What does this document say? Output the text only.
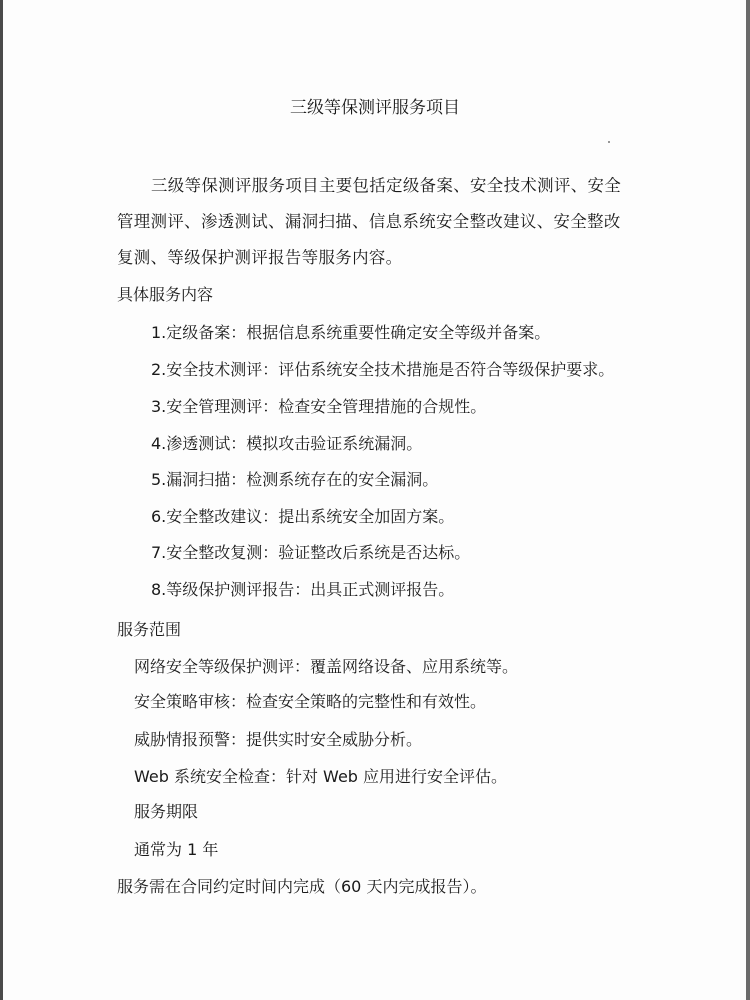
三级等保测评服务项目
三级等保测评服务项目主要包括定级备案、安全技术测评、安全
管理测评、渗透测试、漏洞扫描、信息系统安全整改建议、安全整改
复测、等级保护测评报告等服务内容。
具体服务内容
1.定级备案：根据信息系统重要性确定安全等级并备案。
2.安全技术测评：评估系统安全技术措施是否符合等级保护要求。
3.安全管理测评：检查安全管理措施的合规性。
4.渗透测试：模拟攻击验证系统漏洞。
5.漏洞扫描：检测系统存在的安全漏洞。
6.安全整改建议：提出系统安全加固方案。
7.安全整改复测：验证整改后系统是否达标。
8.等级保护测评报告：出具正式测评报告。
服务范围
网络安全等级保护测评：覆盖网络设备、应用系统等。
安全策略审核：检查安全策略的完整性和有效性。
威胁情报预警：提供实时安全威胁分析。
Web 系统安全检查：针对 Web 应用进行安全评估。
服务期限
通常为 1 年
服务需在合同约定时间内完成（60 天内完成报告）。
